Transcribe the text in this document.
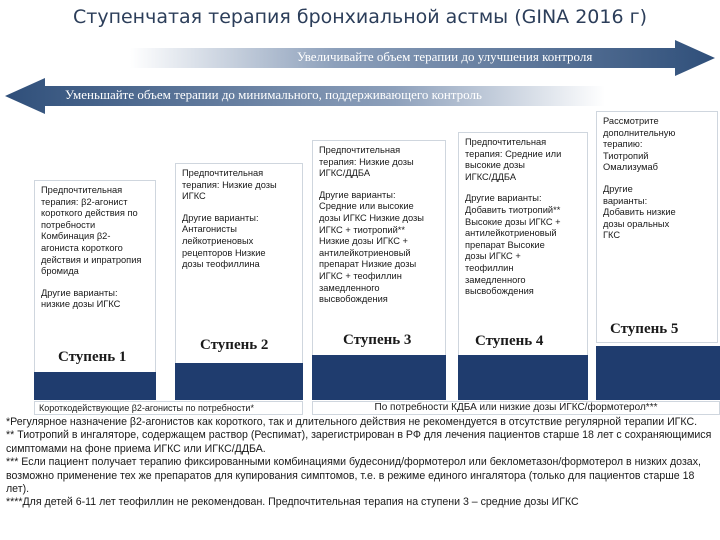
Ступенчатая терапия бронхиальной астмы (GINA 2016 г)
Увеличивайте объем терапии до улучшения контроля
Уменьшайте объем терапии до минимального, поддерживающего контроль
Предпочтительная
терапия: β2-агонист
короткого действия по
потребности
Комбинация β2-
агониста короткого
действия и ипратропия
бромида
Другие варианты:
низкие дозы ИГКС
Ступень 1
Предпочтительная
терапия: Низкие дозы
ИГКС
Другие варианты:
Антагонисты
лейкотриеновых
рецепторов Низкие
дозы теофиллина
Ступень 2
Предпочтительная
терапия: Низкие дозы
ИГКС/ДДБА
Другие варианты:
Средние или высокие
дозы ИГКС Низкие дозы
ИГКС + тиотропий**
Низкие дозы ИГКС +
антилейкотриеновый
препарат Низкие дозы
ИГКС + теофиллин
замедленного
высвобождения
Ступень 3
Предпочтительная
терапия: Средние или
высокие дозы
ИГКС/ДДБА
Другие варианты:
Добавить тиотропий**
Высокие дозы ИГКС +
антилейкотриеновый
препарат Высокие
дозы ИГКС +
теофиллин
замедленного
высвобождения
Ступень 4
Рассмотрите
дополнительную
терапию:
Тиотропий
Омализумаб
Другие
варианты:
Добавить низкие
дозы оральных
ГКС
Ступень 5
Короткодействующие β2-агонисты по потребности*	По потребности КДБА или низкие дозы ИГКС/формотерол***
*Регулярное назначение β2-агонистов как короткого, так и длительного действия не рекомендуется в отсутствие регулярной терапии ИГКС.
** Тиотропий в ингаляторе, содержащем раствор (Респимат), зарегистрирован в РФ для лечения пациентов старше 18 лет с сохраняющимися симптомами на фоне приема ИГКС или ИГКС/ДДБА.
*** Если пациент получает терапию фиксированными комбинациями будесонид/формотерол или беклометазон/формотерол в низких дозах, возможно применение тех же препаратов для купирования симптомов, т.е. в режиме единого ингалятора (только для пациентов старше 18 лет).
****Для детей 6-11 лет теофиллин не рекомендован. Предпочтительная терапия на ступени 3 – средние дозы ИГКС
